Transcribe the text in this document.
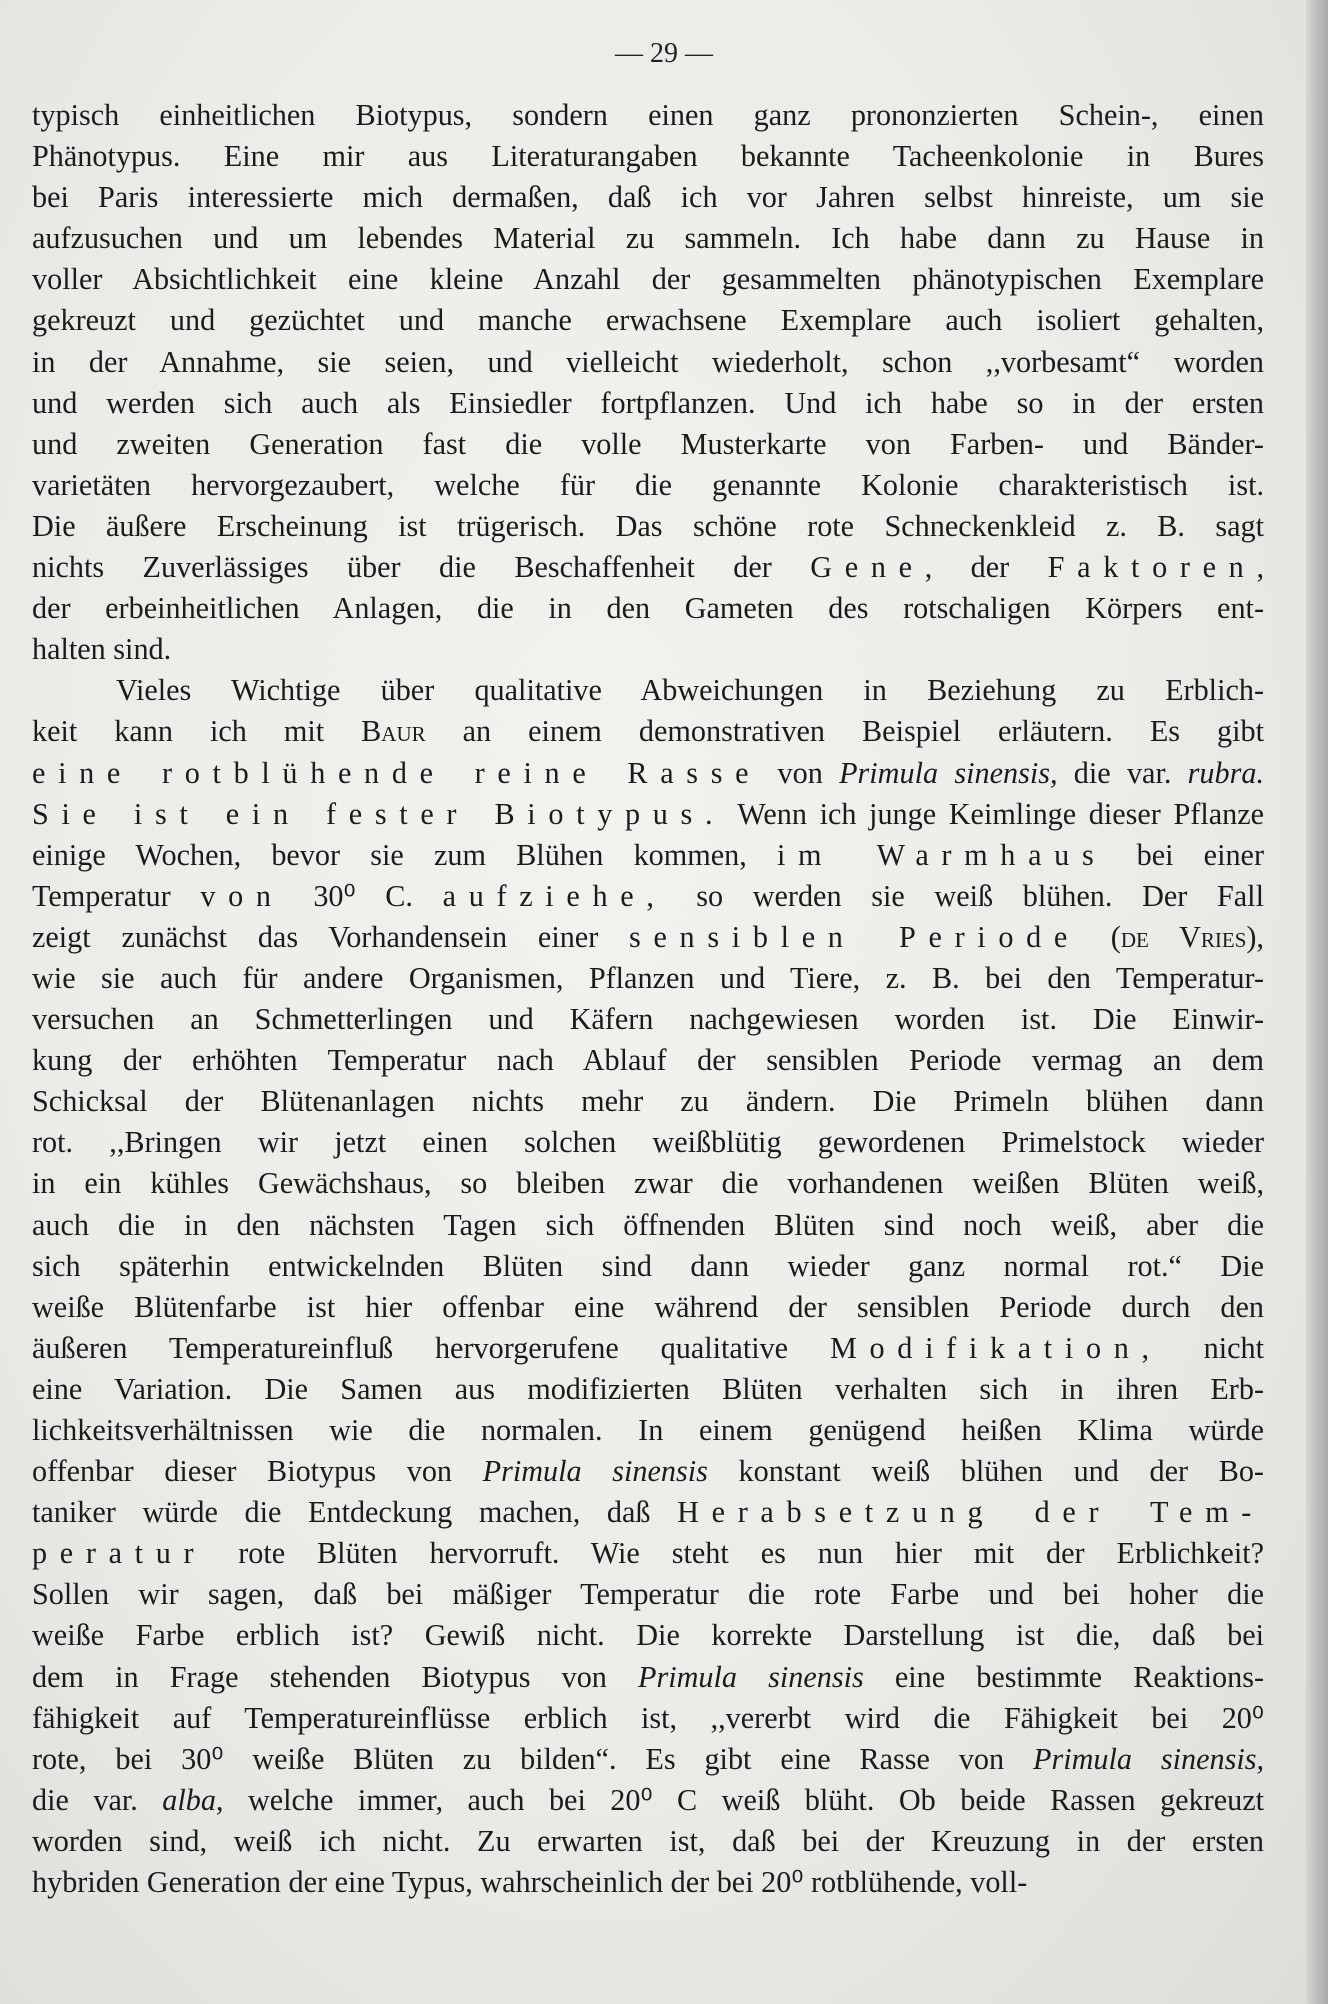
— 29 —
typisch einheitlichen Biotypus, sondern einen ganz prononzierten Schein-, einen
Phänotypus. Eine mir aus Literaturangaben bekannte Tacheenkolonie in Bures
bei Paris interessierte mich dermaßen, daß ich vor Jahren selbst hinreiste, um sie
aufzusuchen und um lebendes Material zu sammeln. Ich habe dann zu Hause in
voller Absichtlichkeit eine kleine Anzahl der gesammelten phänotypischen Exemplare
gekreuzt und gezüchtet und manche erwachsene Exemplare auch isoliert gehalten,
in der Annahme, sie seien, und vielleicht wiederholt, schon ,,vorbesamt“ worden
und werden sich auch als Einsiedler fortpflanzen. Und ich habe so in der ersten
und zweiten Generation fast die volle Musterkarte von Farben- und Bänder-
varietäten hervorgezaubert, welche für die genannte Kolonie charakteristisch ist.
Die äußere Erscheinung ist trügerisch. Das schöne rote Schneckenkleid z. B. sagt
nichts Zuverlässiges über die Beschaffenheit der Gene, der Faktoren,
der erbeinheitlichen Anlagen, die in den Gameten des rotschaligen Körpers ent-
halten sind.
Vieles Wichtige über qualitative Abweichungen in Beziehung zu Erblich-
keit kann ich mit Baur an einem demonstrativen Beispiel erläutern. Es gibt
eine rotblühende reine Rasse von Primula sinensis, die var. rubra.
Sie ist ein fester Biotypus. Wenn ich junge Keimlinge dieser Pflanze
einige Wochen, bevor sie zum Blühen kommen, im Warmhaus bei einer
Temperatur von 30⁰ C. aufziehe, so werden sie weiß blühen. Der Fall
zeigt zunächst das Vorhandensein einer sensiblen Periode (de Vries),
wie sie auch für andere Organismen, Pflanzen und Tiere, z. B. bei den Temperatur-
versuchen an Schmetterlingen und Käfern nachgewiesen worden ist. Die Einwir-
kung der erhöhten Temperatur nach Ablauf der sensiblen Periode vermag an dem
Schicksal der Blütenanlagen nichts mehr zu ändern. Die Primeln blühen dann
rot. ,,Bringen wir jetzt einen solchen weißblütig gewordenen Primelstock wieder
in ein kühles Gewächshaus, so bleiben zwar die vorhandenen weißen Blüten weiß,
auch die in den nächsten Tagen sich öffnenden Blüten sind noch weiß, aber die
sich späterhin entwickelnden Blüten sind dann wieder ganz normal rot.“ Die
weiße Blütenfarbe ist hier offenbar eine während der sensiblen Periode durch den
äußeren Temperatureinfluß hervorgerufene qualitative Modifikation, nicht
eine Variation. Die Samen aus modifizierten Blüten verhalten sich in ihren Erb-
lichkeitsverhältnissen wie die normalen. In einem genügend heißen Klima würde
offenbar dieser Biotypus von Primula sinensis konstant weiß blühen und der Bo-
taniker würde die Entdeckung machen, daß Herabsetzung der Tem-
peratur rote Blüten hervorruft. Wie steht es nun hier mit der Erblichkeit?
Sollen wir sagen, daß bei mäßiger Temperatur die rote Farbe und bei hoher die
weiße Farbe erblich ist? Gewiß nicht. Die korrekte Darstellung ist die, daß bei
dem in Frage stehenden Biotypus von Primula sinensis eine bestimmte Reaktions-
fähigkeit auf Temperatureinflüsse erblich ist, ,,vererbt wird die Fähigkeit bei 20⁰
rote, bei 30⁰ weiße Blüten zu bilden“. Es gibt eine Rasse von Primula sinensis,
die var. alba, welche immer, auch bei 20⁰ C weiß blüht. Ob beide Rassen gekreuzt
worden sind, weiß ich nicht. Zu erwarten ist, daß bei der Kreuzung in der ersten
hybriden Generation der eine Typus, wahrscheinlich der bei 20⁰ rotblühende, voll-
